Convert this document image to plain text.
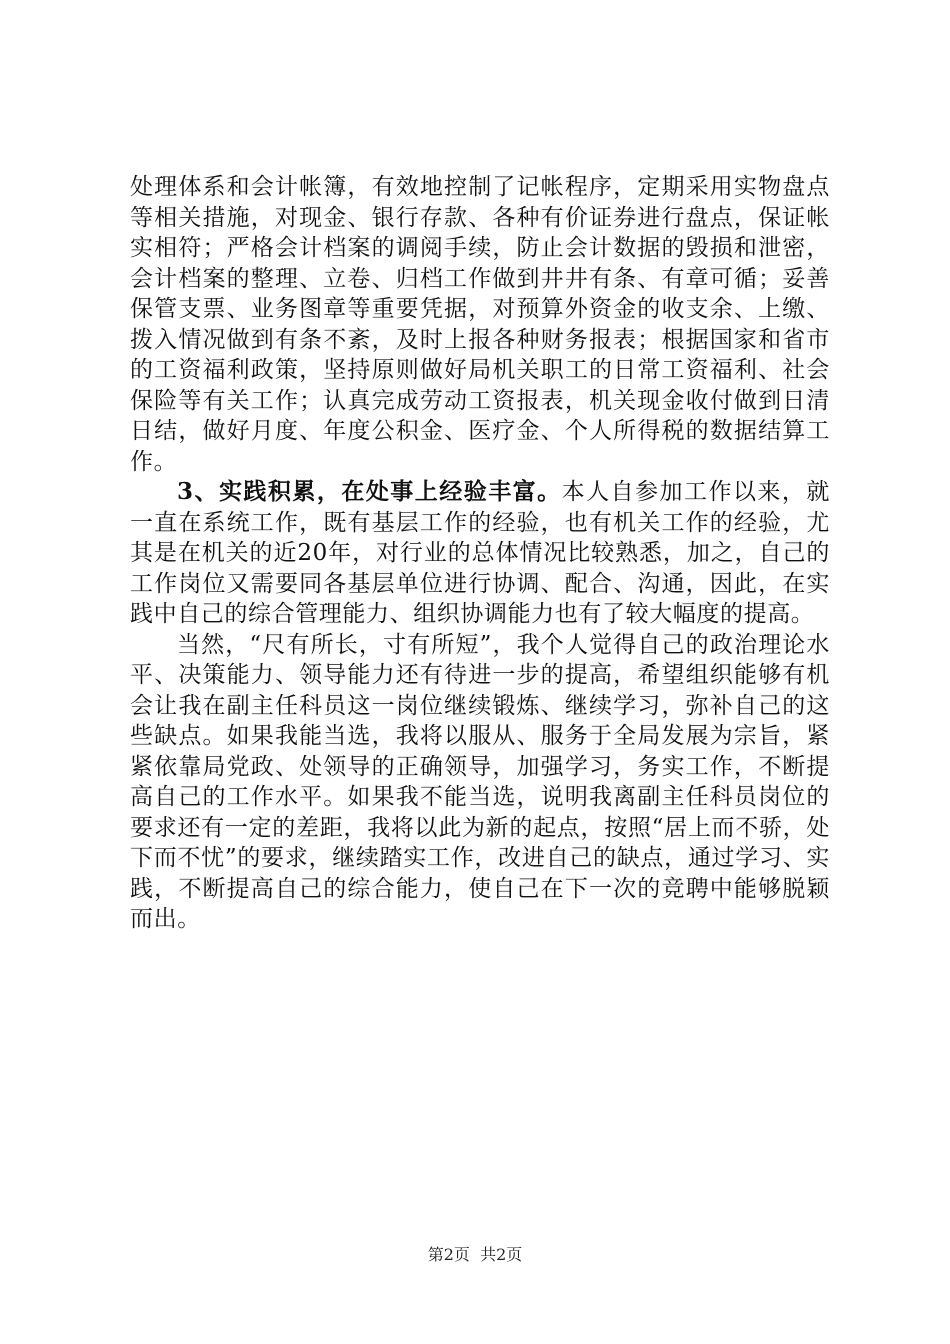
处理体系和会计帐簿，有效地控制了记帐程序，定期采用实物盘点等相关措施，对现金、银行存款、各种有价证券进行盘点，保证帐实相符；严格会计档案的调阅手续，防止会计数据的毁损和泄密，会计档案的整理、立卷、归档工作做到井井有条、有章可循；妥善保管支票、业务图章等重要凭据，对预算外资金的收支余、上缴、拨入情况做到有条不紊，及时上报各种财务报表；根据国家和省市的工资福利政策，坚持原则做好局机关职工的日常工资福利、社会保险等有关工作；认真完成劳动工资报表，机关现金收付做到日清日结，做好月度、年度公积金、医疗金、个人所得税的数据结算工作。

3、实践积累，在处事上经验丰富。本人自参加工作以来，就一直在系统工作，既有基层工作的经验，也有机关工作的经验，尤其是在机关的近20年，对行业的总体情况比较熟悉，加之，自己的工作岗位又需要同各基层单位进行协调、配合、沟通，因此，在实践中自己的综合管理能力、组织协调能力也有了较大幅度的提高。

当然，“尺有所长，寸有所短”，我个人觉得自己的政治理论水平、决策能力、领导能力还有待进一步的提高，希望组织能够有机会让我在副主任科员这一岗位继续锻炼、继续学习，弥补自己的这些缺点。如果我能当选，我将以服从、服务于全局发展为宗旨，紧紧依靠局党政、处领导的正确领导，加强学习，务实工作，不断提高自己的工作水平。如果我不能当选，说明我离副主任科员岗位的要求还有一定的差距，我将以此为新的起点，按照“居上而不骄，处下而不忧”的要求，继续踏实工作，改进自己的缺点，通过学习、实践，不断提高自己的综合能力，使自己在下一次的竞聘中能够脱颖而出。

第2页  共2页
